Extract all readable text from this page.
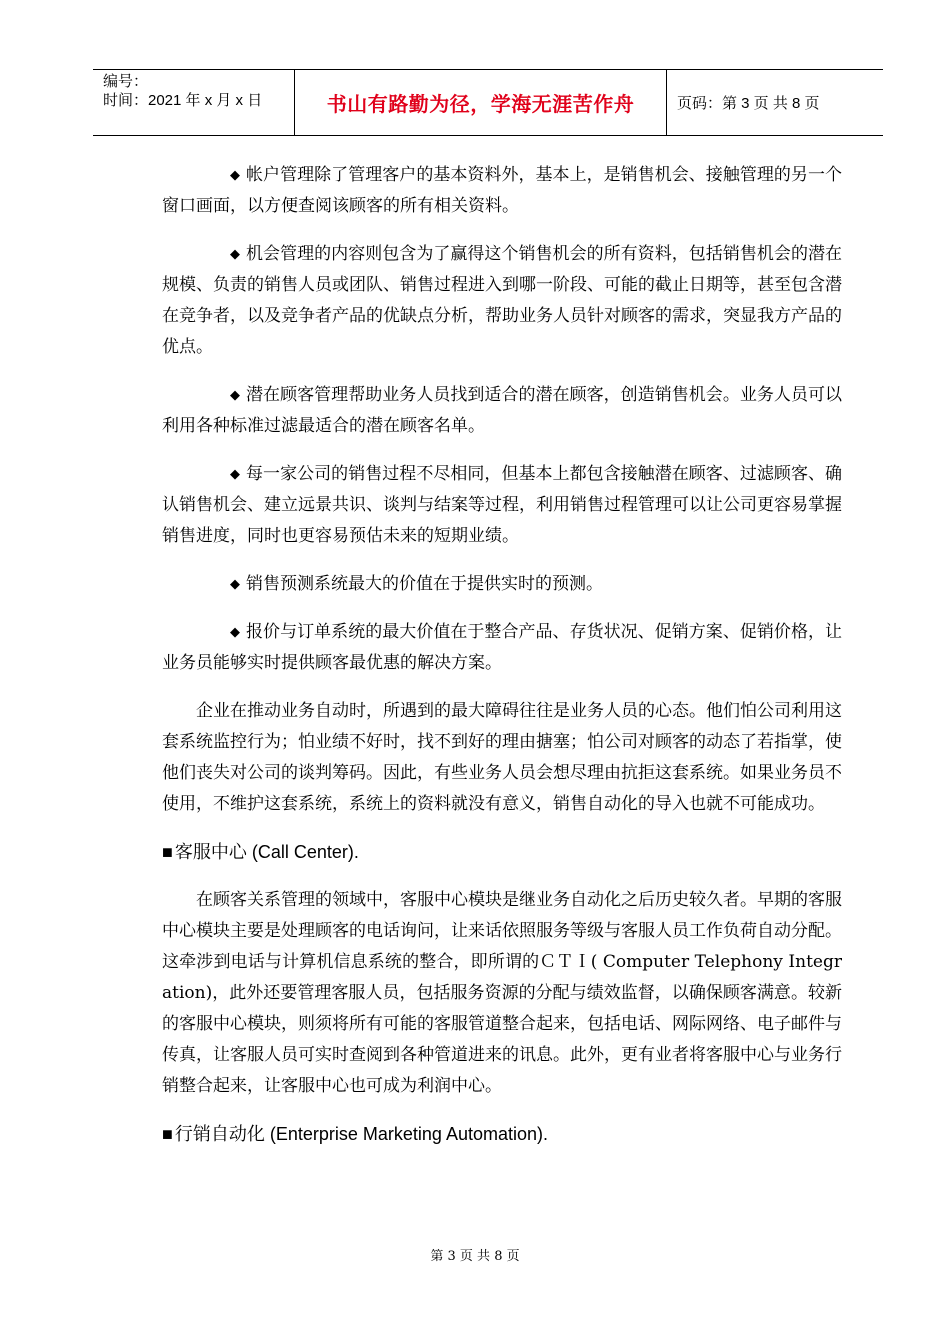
编号：
时间：2021 年 x 月 x 日	书山有路勤为径，学海无涯苦作舟	页码：第 3 页 共 8 页

◆ 帐户管理除了管理客户的基本资料外，基本上，是销售机会、接触管理的另一个窗口画面，以方便查阅该顾客的所有相关资料。

◆ 机会管理的内容则包含为了赢得这个销售机会的所有资料，包括销售机会的潜在规模、负责的销售人员或团队、销售过程进入到哪一阶段、可能的截止日期等，甚至包含潜在竞争者，以及竞争者产品的优缺点分析，帮助业务人员针对顾客的需求，突显我方产品的优点。

◆ 潜在顾客管理帮助业务人员找到适合的潜在顾客，创造销售机会。业务人员可以利用各种标准过滤最适合的潜在顾客名单。

◆ 每一家公司的销售过程不尽相同，但基本上都包含接触潜在顾客、过滤顾客、确认销售机会、建立远景共识、谈判与结案等过程，利用销售过程管理可以让公司更容易掌握销售进度，同时也更容易预估未来的短期业绩。

◆ 销售预测系统最大的价值在于提供实时的预测。

◆ 报价与订单系统的最大价值在于整合产品、存货状况、促销方案、促销价格，让业务员能够实时提供顾客最优惠的解决方案。

企业在推动业务自动时，所遇到的最大障碍往往是业务人员的心态。他们怕公司利用这套系统监控行为；怕业绩不好时，找不到好的理由搪塞；怕公司对顾客的动态了若指掌，使他们丧失对公司的谈判筹码。因此，有些业务人员会想尽理由抗拒这套系统。如果业务员不使用，不维护这套系统，系统上的资料就没有意义，销售自动化的导入也就不可能成功。

■ 客服中心 (Call Center).

在顾客关系管理的领域中，客服中心模块是继业务自动化之后历史较久者。早期的客服中心模块主要是处理顾客的电话询问，让来话依照服务等级与客服人员工作负荷自动分配。这牵涉到电话与计算机信息系统的整合，即所谓的ＣＴＩ( Computer Telephony Integration)，此外还要管理客服人员，包括服务资源的分配与绩效监督，以确保顾客满意。较新的客服中心模块，则须将所有可能的客服管道整合起来，包括电话、网际网络、电子邮件与传真，让客服人员可实时查阅到各种管道进来的讯息。此外，更有业者将客服中心与业务行销整合起来，让客服中心也可成为利润中心。

■ 行销自动化 (Enterprise Marketing Automation).
第 3 页 共 8 页
